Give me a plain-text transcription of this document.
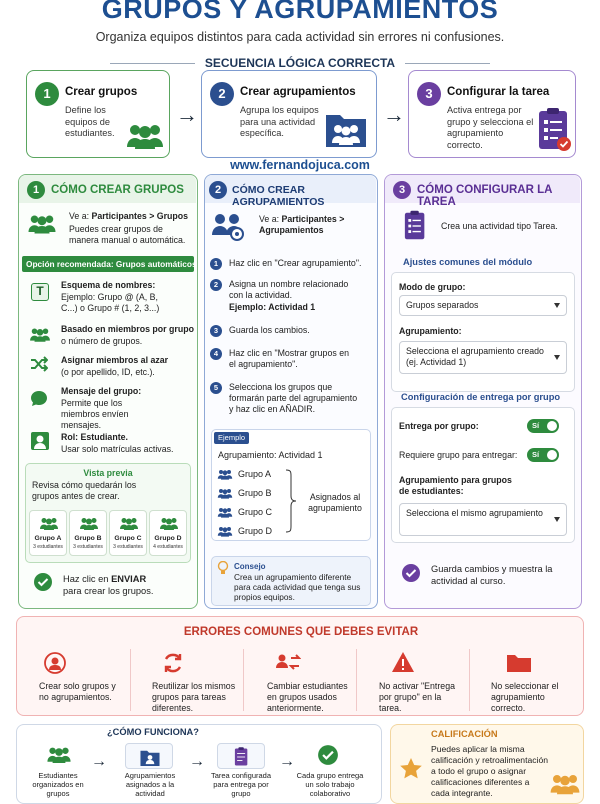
GRUPOS Y AGRUPAMIENTOS
Organiza equipos distintos para cada actividad sin errores ni confusiones.
SECUENCIA LÓGICA CORRECTA
1	Crear grupos
Define los equipos de estudiantes.
→
2	Crear agrupamientos
Agrupa los equipos para una actividad específica.
→
3	Configurar la tarea
Activa entrega por grupo y selecciona el agrupamiento correcto.
www.fernandojuca.com
1	CÓMO CREAR GRUPOS
Ve a: Participantes > Grupos
Puedes crear grupos de manera manual o automática.
Opción recomendada: Grupos automáticos
T	Esquema de nombres:
Ejemplo: Grupo @ (A, B, C...) o Grupo # (1, 2, 3...)
Basado en miembros por grupo
o número de grupos.
Asignar miembros al azar
(o por apellido, ID, etc.).
Mensaje del grupo:
Permite que los miembros envíen mensajes.
Rol: Estudiante.
Usar solo matrículas activas.
Vista previa
Revisa cómo quedarán los grupos antes de crear.
Grupo A
3 estudiantes
Grupo B
3 estudiantes
Grupo C
3 estudiantes
Grupo D
4 estudiantes
Haz clic en ENVIAR
para crear los grupos.
2	CÓMO CREAR AGRUPAMIENTOS
Ve a: Participantes > Agrupamientos
1	Haz clic en "Crear agrupamiento".
2	Asigna un nombre relacionado con la actividad.
Ejemplo: Actividad 1
3	Guarda los cambios.
4	Haz clic en "Mostrar grupos en el agrupamiento".
5	Selecciona los grupos que formarán parte del agrupamiento y haz clic en AÑADIR.
Ejemplo
Agrupamiento: Actividad 1
Grupo A
Grupo B
Grupo C
Grupo D
Asignados al agrupamiento
Consejo
Crea un agrupamiento diferente para cada actividad que tenga sus propios equipos.
3	CÓMO CONFIGURAR LA TAREA
Crea una actividad tipo Tarea.
Ajustes comunes del módulo
Modo de grupo:
Grupos separados
Agrupamiento:
Selecciona el agrupamiento creado (ej. Actividad 1)
Configuración de entrega por grupo
Entrega por grupo:	Sí
Requiere grupo para entregar: Sí
Agrupamiento para grupos de estudiantes:
Selecciona el mismo agrupamiento
Guarda cambios y muestra la actividad al curso.
ERRORES COMUNES QUE DEBES EVITAR
Crear solo grupos y no agrupamientos.
Reutilizar los mismos grupos para tareas diferentes.
Cambiar estudiantes en grupos usados anteriormente.
No activar "Entrega por grupo" en la tarea.
No seleccionar el agrupamiento correcto.
¿CÓMO FUNCIONA?
Estudiantes organizados en grupos
→
Agrupamientos asignados a la actividad
→
Tarea configurada para entrega por grupo
→
Cada grupo entrega un solo trabajo colaborativo
CALIFICACIÓN
Puedes aplicar la misma calificación y retroalimentación a todo el grupo o asignar calificaciones diferentes a cada integrante.
